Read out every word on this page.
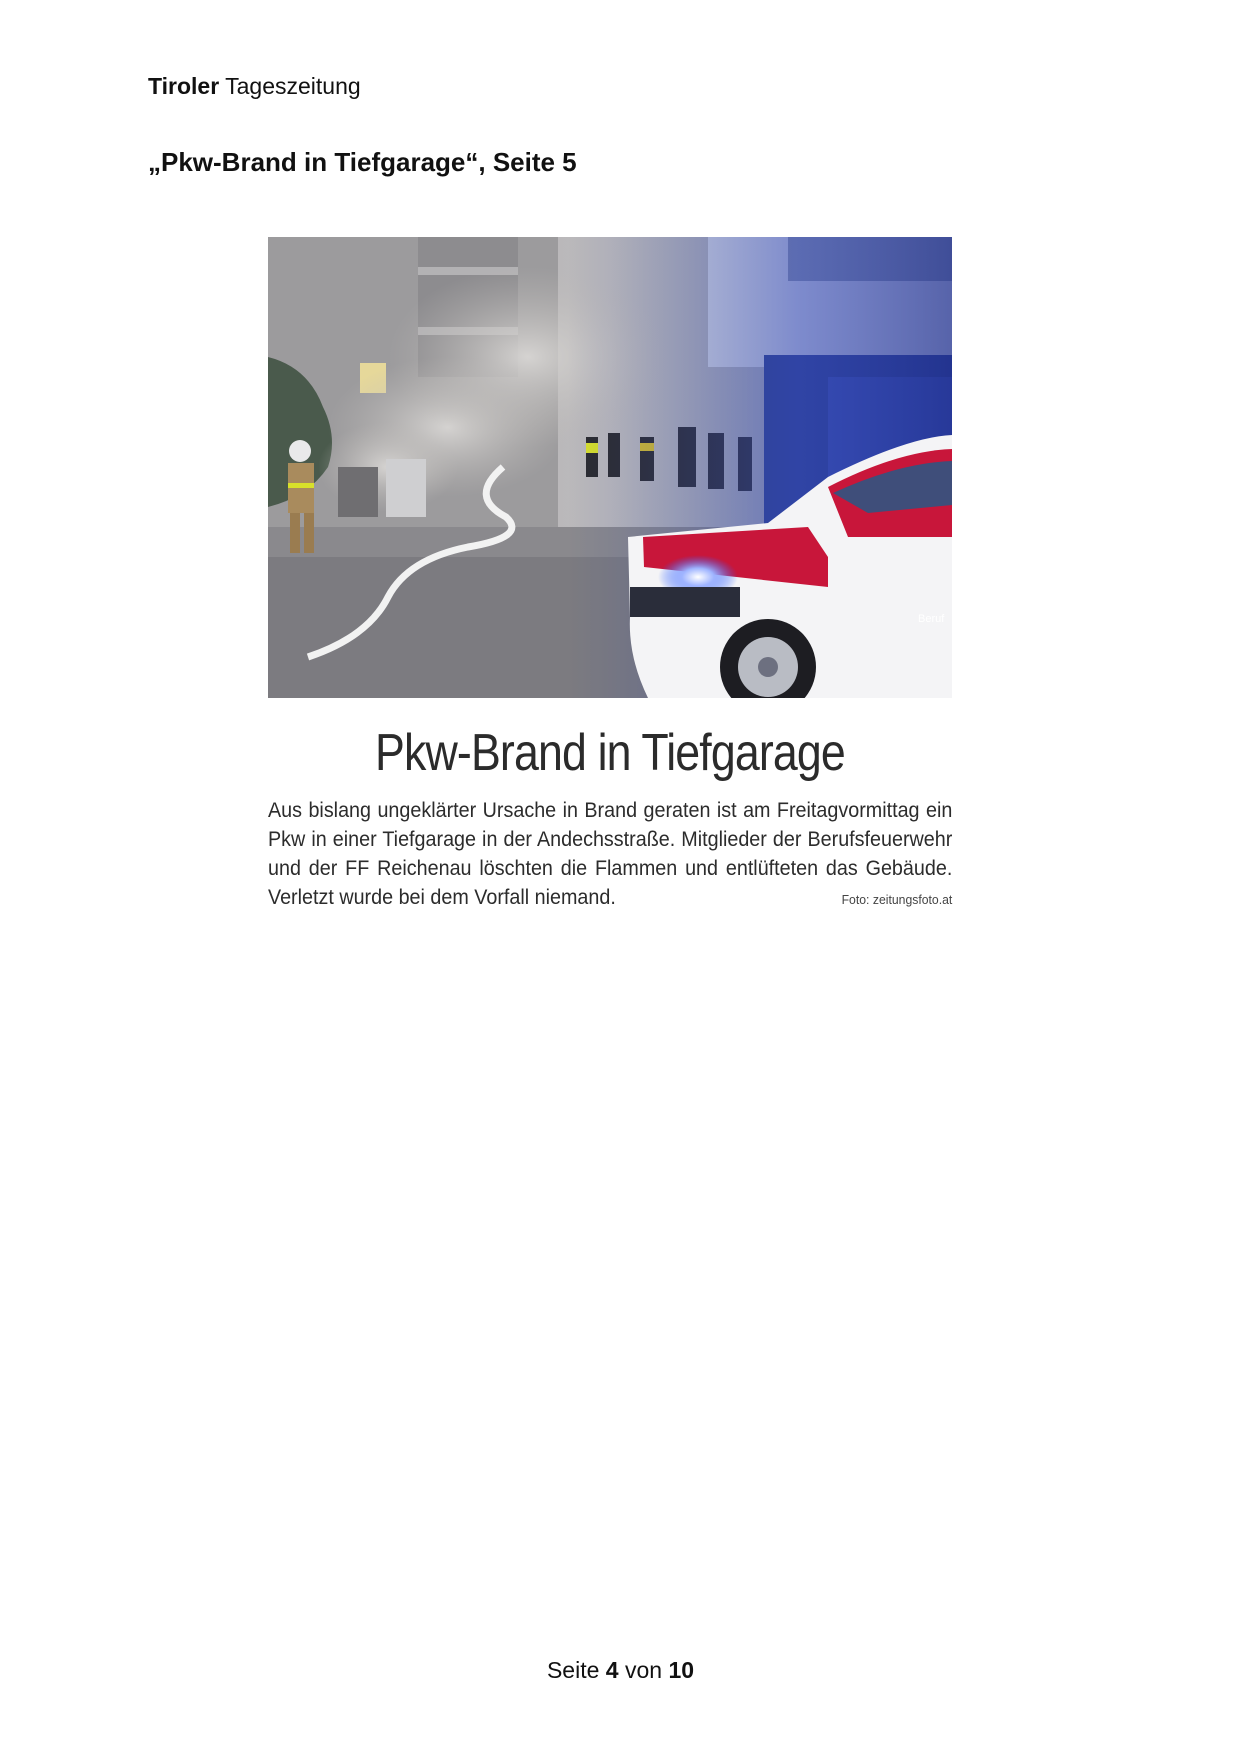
Tiroler Tageszeitung
„Pkw-Brand in Tiefgarage“, Seite 5
Beruf
Pkw-Brand in Tiefgarage
Aus bislang ungeklärter Ursache in Brand geraten ist am Freitagvormittag ein Pkw in einer Tiefgarage in der Andechsstraße. Mitglieder der Berufsfeuerwehr und der FF Reichenau löschten die Flammen und entlüfteten das Gebäude. Verletzt wurde bei dem Vorfall niemand.	Foto: zeitungsfoto.at
Seite 4 von 10
